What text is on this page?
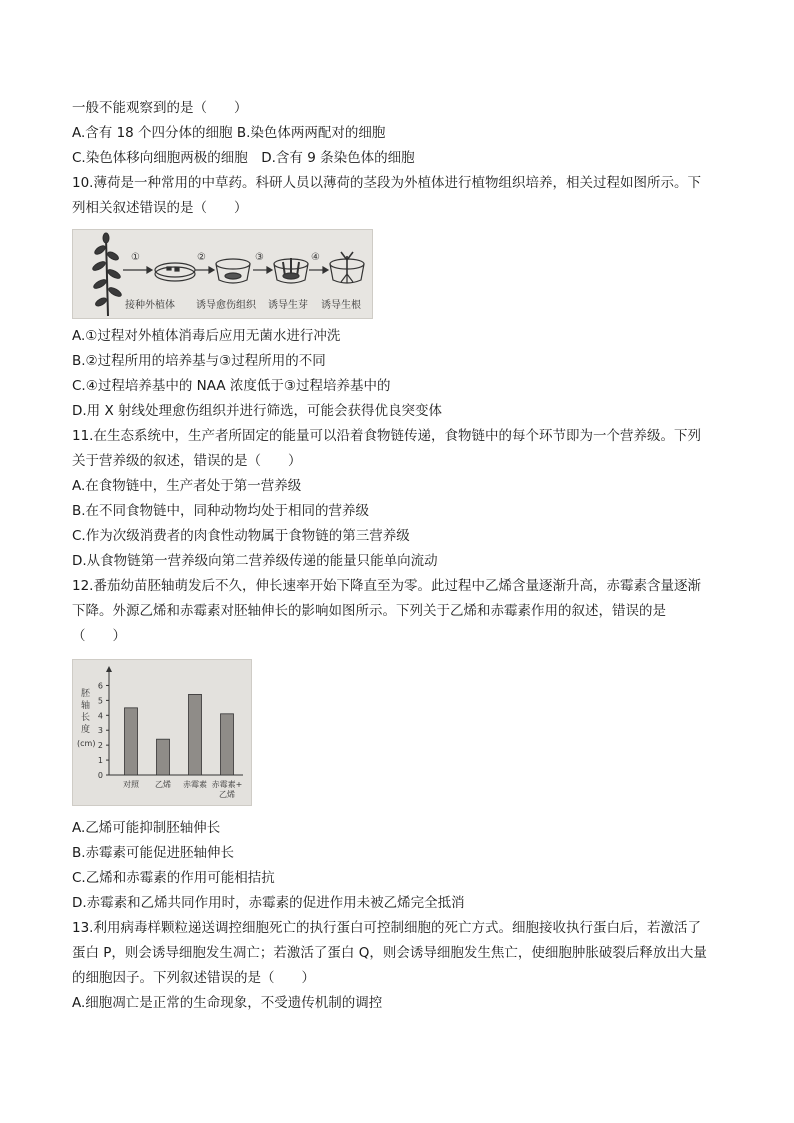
一般不能观察到的是（　　）
A.含有 18 个四分体的细胞 B.染色体两两配对的细胞
C.染色体移向细胞两极的细胞　D.含有 9 条染色体的细胞
10.薄荷是一种常用的中草药。科研人员以薄荷的茎段为外植体进行植物组织培养，相关过程如图所示。下
列相关叙述错误的是（　　）
①	②	③	④
接种外植体 诱导愈伤组织 诱导生芽 诱导生根
A.①过程对外植体消毒后应用无菌水进行冲洗
B.②过程所用的培养基与③过程所用的不同
C.④过程培养基中的 NAA 浓度低于③过程培养基中的
D.用 X 射线处理愈伤组织并进行筛选，可能会获得优良突变体
11.在生态系统中，生产者所固定的能量可以沿着食物链传递，食物链中的每个环节即为一个营养级。下列
关于营养级的叙述，错误的是（　　）
A.在食物链中，生产者处于第一营养级
B.在不同食物链中，同种动物均处于相同的营养级
C.作为次级消费者的肉食性动物属于食物链的第三营养级
D.从食物链第一营养级向第二营养级传递的能量只能单向流动
12.番茄幼苗胚轴萌发后不久，伸长速率开始下降直至为零。此过程中乙烯含量逐渐升高，赤霉素含量逐渐
下降。外源乙烯和赤霉素对胚轴伸长的影响如图所示。下列关于乙烯和赤霉素作用的叙述，错误的是
（　　）
胚
轴
长
度
(cm)
0
1
2
3
4
5
6
对照 乙烯 赤霉素 赤霉素+
乙烯
A.乙烯可能抑制胚轴伸长
B.赤霉素可能促进胚轴伸长
C.乙烯和赤霉素的作用可能相拮抗
D.赤霉素和乙烯共同作用时，赤霉素的促进作用未被乙烯完全抵消
13.利用病毒样颗粒递送调控细胞死亡的执行蛋白可控制细胞的死亡方式。细胞接收执行蛋白后，若激活了
蛋白 P，则会诱导细胞发生凋亡；若激活了蛋白 Q，则会诱导细胞发生焦亡，使细胞肿胀破裂后释放出大量
的细胞因子。下列叙述错误的是（　　）
A.细胞凋亡是正常的生命现象，不受遗传机制的调控
